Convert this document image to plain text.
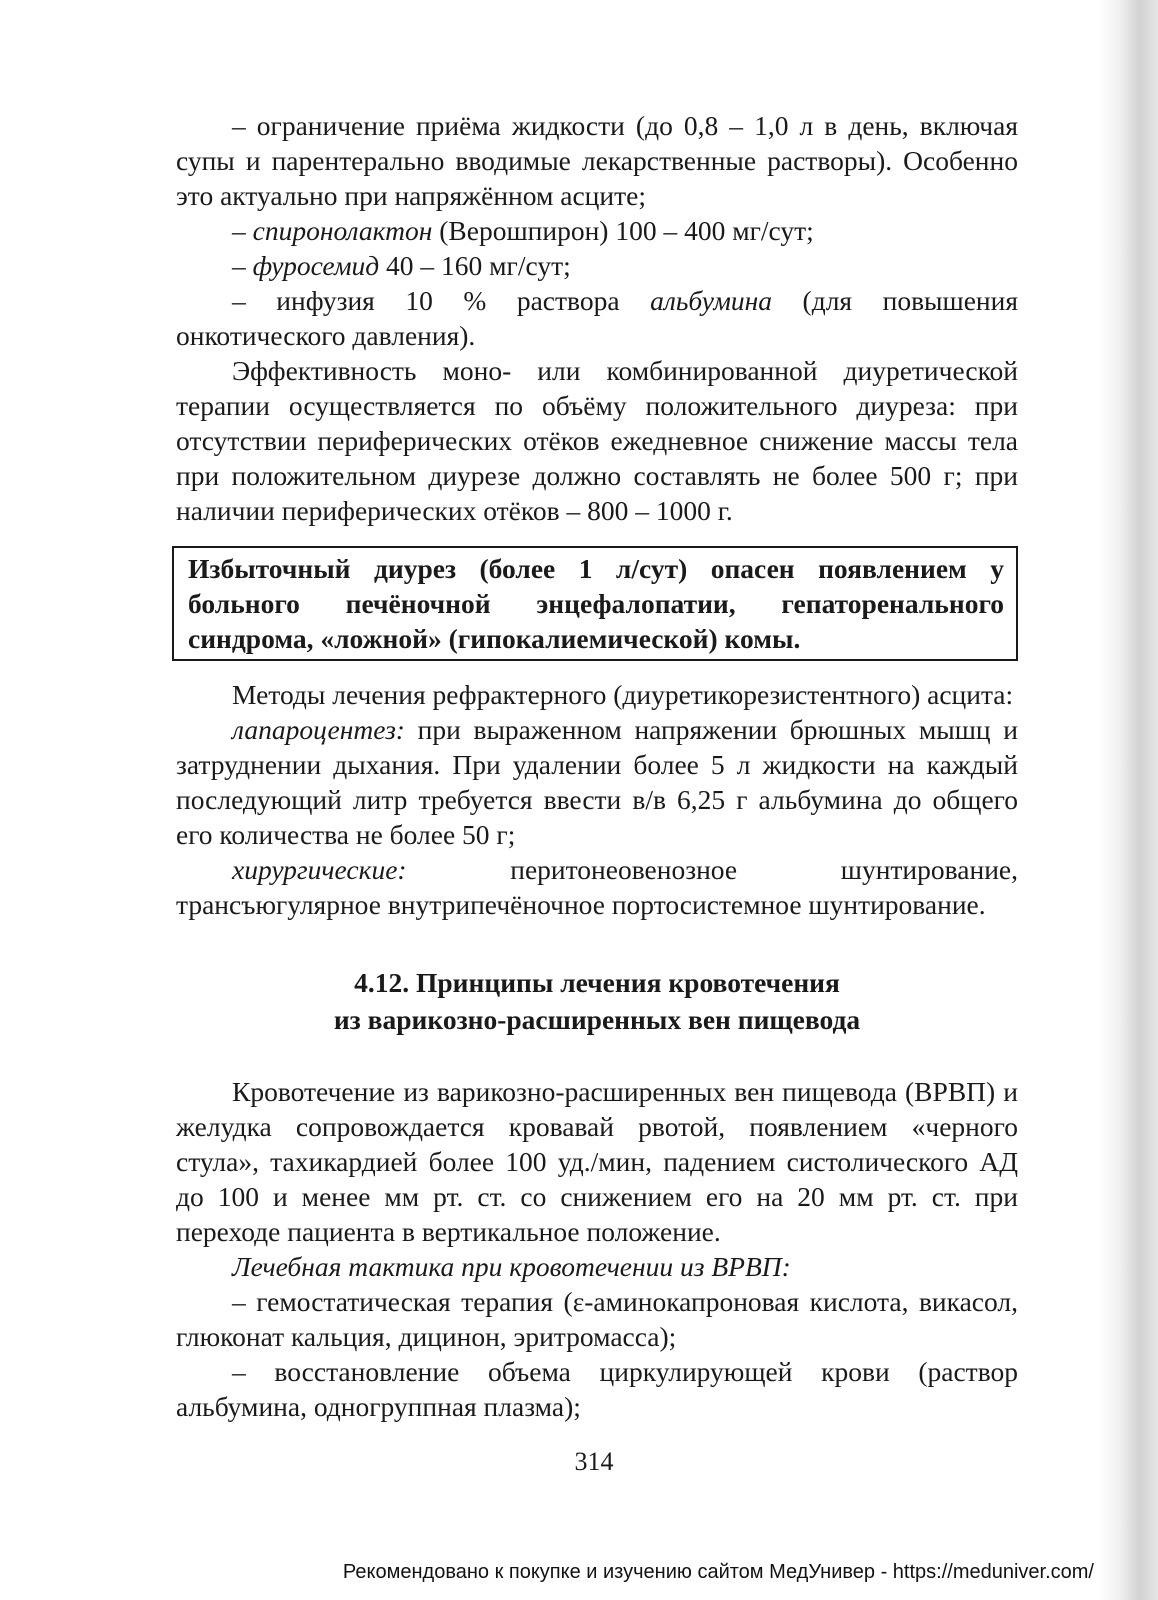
– ограничение приёма жидкости (до 0,8 – 1,0 л в день, включая супы и парентерально вводимые лекарственные растворы). Особенно это актуально при напряжённом асците;

– спиронолактон (Верошпирон) 100 – 400 мг/сут;

– фуросемид 40 – 160 мг/сут;

– инфузия 10 % раствора альбумина (для повышения онкотического давления).

Эффективность моно- или комбинированной диуретической терапии осуществляется по объёму положительного диуреза: при отсутствии периферических отёков ежедневное снижение массы тела при положительном диурезе должно составлять не более 500 г; при наличии периферических отёков – 800 – 1000 г.

Избыточный диурез (более 1 л/сут) опасен появлением у больного печёночной энцефалопатии, гепаторенального синдрома, «ложной» (гипокалиемической) комы.

Методы лечения рефрактерного (диуретикорезистентного) асцита:

лапароцентез: при выраженном напряжении брюшных мышц и затруднении дыхания. При удалении более 5 л жидкости на каждый последующий литр требуется ввести в/в 6,25 г альбумина до общего его количества не более 50 г;

хирургические: перитонеовенозное шунтирование, трансъюгулярное внутрипечёночное портосистемное шунтирование.

4.12. Принципы лечения кровотечения
из варикозно-расширенных вен пищевода

Кровотечение из варикозно-расширенных вен пищевода (ВРВП) и желудка сопровождается кровавай рвотой, появлением «черного стула», тахикардией более 100 уд./мин, падением систолического АД до 100 и менее мм рт. ст. со снижением его на 20 мм рт. ст. при переходе пациента в вертикальное положение.

Лечебная тактика при кровотечении из ВРВП:

– гемостатическая терапия (ε-аминокапроновая кислота, викасол, глюконат кальция, дицинон, эритромасса);

– восстановление объема циркулирующей крови (раствор альбумина, одногруппная плазма);

314
Рекомендовано к покупке и изучению сайтом МедУнивер - https://meduniver.com/
